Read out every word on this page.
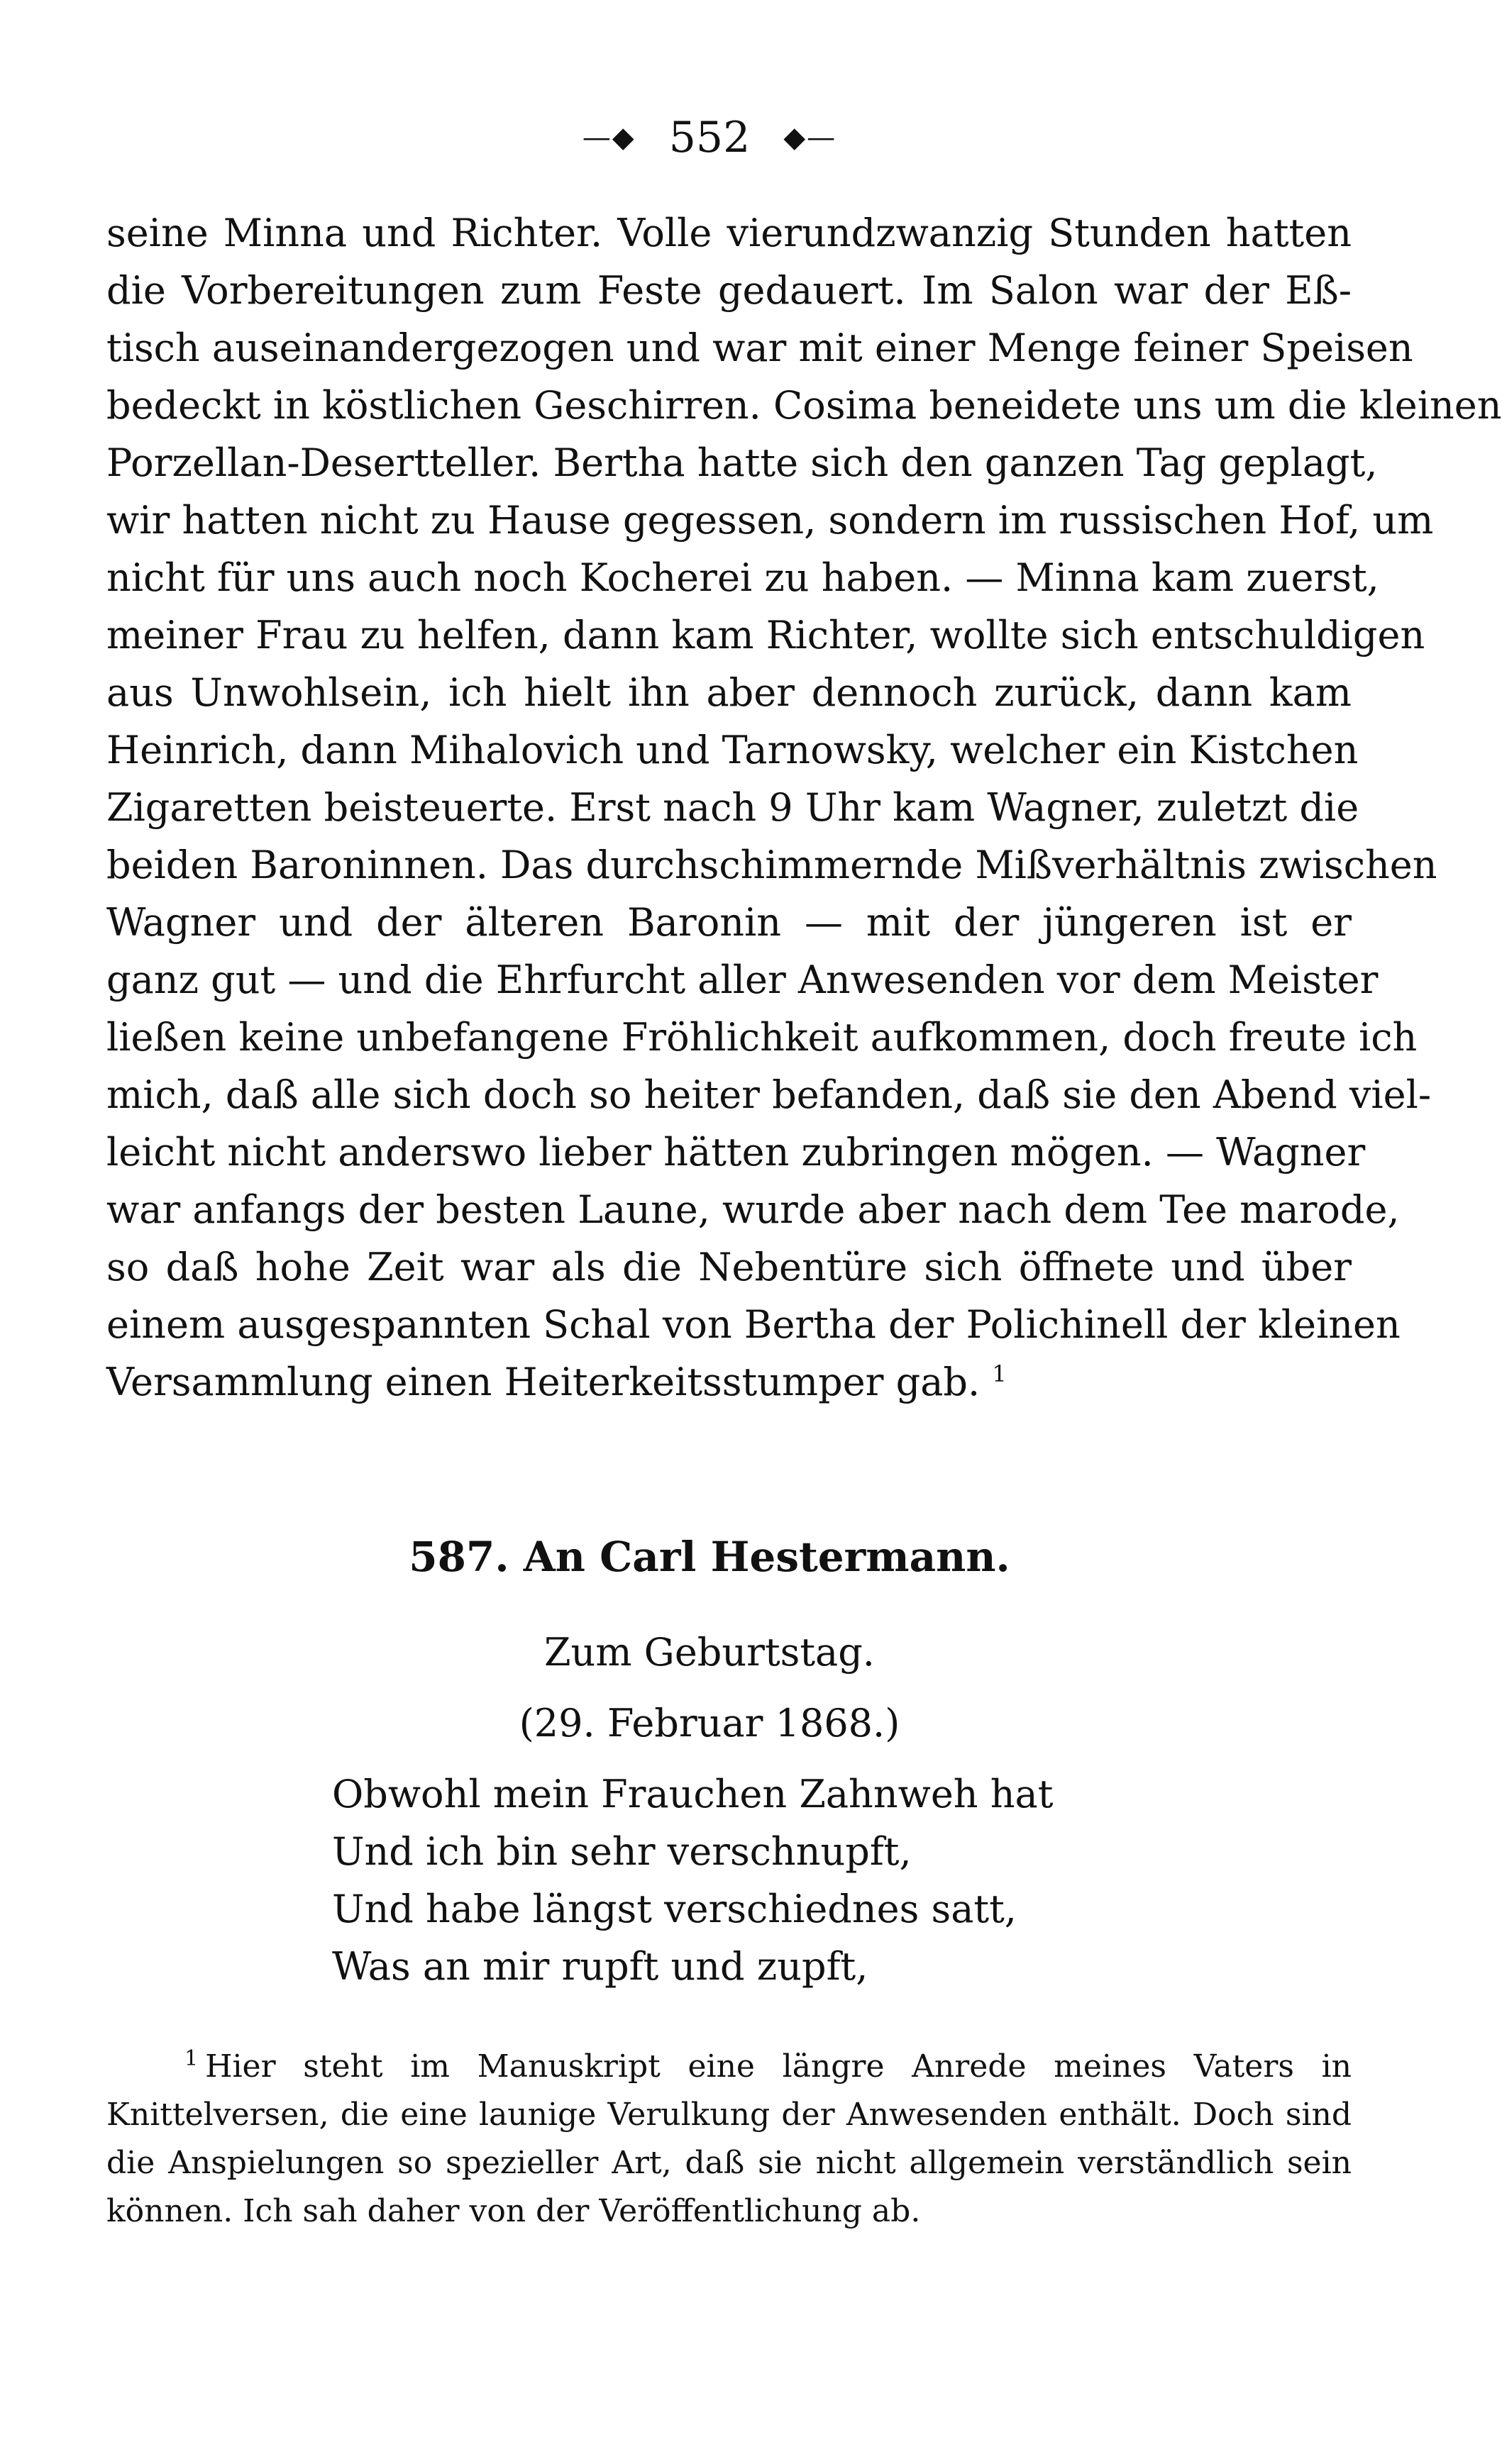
—◆ 552 ◆—
seine Minna und Richter. Volle vierundzwanzig Stunden hatten
die Vorbereitungen zum Feste gedauert. Im Salon war der Eß-
tisch auseinandergezogen und war mit einer Menge feiner Speisen
bedeckt in köstlichen Geschirren. Cosima beneidete uns um die kleinen
Porzellan-Desertteller. Bertha hatte sich den ganzen Tag geplagt,
wir hatten nicht zu Hause gegessen, sondern im russischen Hof, um
nicht für uns auch noch Kocherei zu haben. — Minna kam zuerst,
meiner Frau zu helfen, dann kam Richter, wollte sich entschuldigen
aus Unwohlsein, ich hielt ihn aber dennoch zurück, dann kam
Heinrich, dann Mihalovich und Tarnowsky, welcher ein Kistchen
Zigaretten beisteuerte. Erst nach 9 Uhr kam Wagner, zuletzt die
beiden Baroninnen. Das durchschimmernde Mißverhältnis zwischen
Wagner und der älteren Baronin — mit der jüngeren ist er
ganz gut — und die Ehrfurcht aller Anwesenden vor dem Meister
ließen keine unbefangene Fröhlichkeit aufkommen, doch freute ich
mich, daß alle sich doch so heiter befanden, daß sie den Abend viel-
leicht nicht anderswo lieber hätten zubringen mögen. — Wagner
war anfangs der besten Laune, wurde aber nach dem Tee marode,
so daß hohe Zeit war als die Nebentüre sich öffnete und über
einem ausgespannten Schal von Bertha der Polichinell der kleinen
Versammlung einen Heiterkeitsstumper gab. $^1$
587. An Carl Hestermann.
Zum Geburtstag.
(29. Februar 1868.)
Obwohl mein Frauchen Zahnweh hat
Und ich bin sehr verschnupft,
Und habe längst verschiednes satt,
Was an mir rupft und zupft,
$^1$ Hier steht im Manuskript eine längre Anrede meines Vaters in
Knittelversen, die eine launige Verulkung der Anwesenden enthält. Doch sind
die Anspielungen so spezieller Art, daß sie nicht allgemein verständlich sein
können. Ich sah daher von der Veröffentlichung ab.
